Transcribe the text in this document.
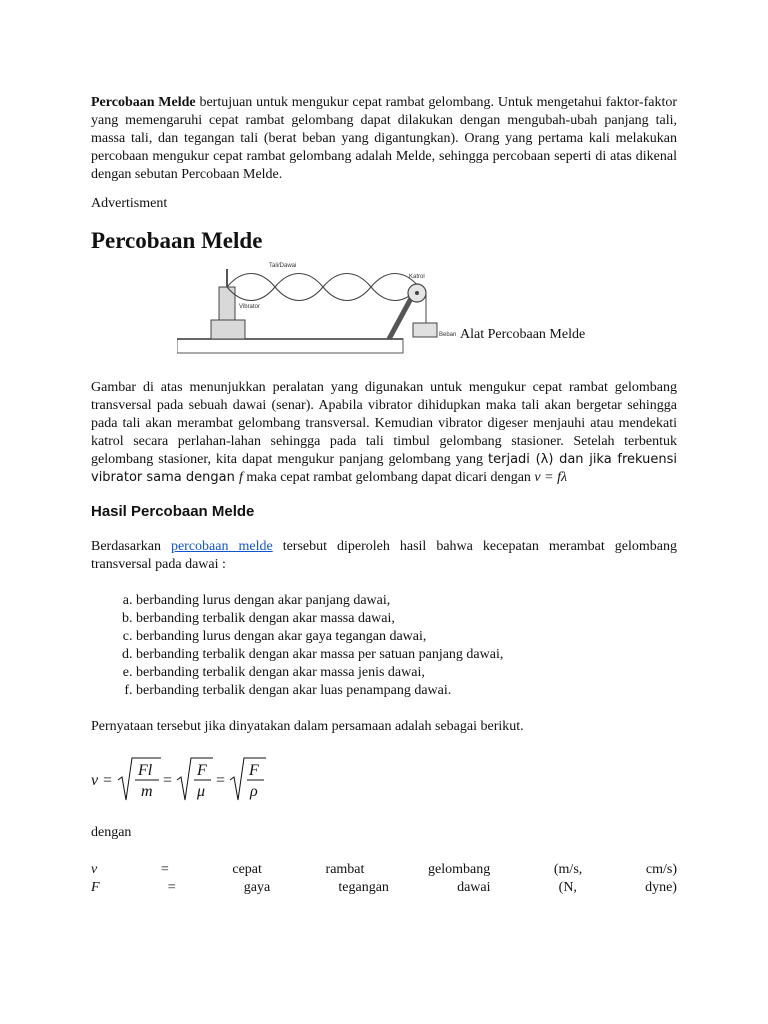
Percobaan Melde bertujuan untuk mengukur cepat rambat gelombang. Untuk mengetahui faktor-faktor yang memengaruhi cepat rambat gelombang dapat dilakukan dengan mengubah-ubah panjang tali, massa tali, dan tegangan tali (berat beban yang digantungkan). Orang yang pertama kali melakukan percobaan mengukur cepat rambat gelombang adalah Melde, sehingga percobaan seperti di atas dikenal dengan sebutan Percobaan Melde.

Advertisment

Percobaan Melde
Tali/Dawai
Katrol
Vibrator
Beban Alat Percobaan Melde

Gambar di atas menunjukkan peralatan yang digunakan untuk mengukur cepat rambat gelombang transversal pada sebuah dawai (senar). Apabila vibrator dihidupkan maka tali akan bergetar sehingga pada tali akan merambat gelombang transversal. Kemudian vibrator digeser menjauhi atau mendekati katrol secara perlahan-lahan sehingga pada tali timbul gelombang stasioner. Setelah terbentuk gelombang stasioner, kita dapat mengukur panjang gelombang yang terjadi (λ) dan jika frekuensi vibrator sama dengan f maka cepat rambat gelombang dapat dicari dengan v = fλ

Hasil Percobaan Melde

Berdasarkan percobaan melde tersebut diperoleh hasil bahwa kecepatan merambat gelombang transversal pada dawai :

a. berbanding lurus dengan akar panjang dawai,
b. berbanding terbalik dengan akar massa dawai,
c. berbanding lurus dengan akar gaya tegangan dawai,
d. berbanding terbalik dengan akar massa per satuan panjang dawai,
e. berbanding terbalik dengan akar massa jenis dawai,
f. berbanding terbalik dengan akar luas penampang dawai.

Pernyataan tersebut jika dinyatakan dalam persamaan adalah sebagai berikut.

v =
Fl
m
=
F
μ
=
F
ρ

dengan

v	=	cepat	rambat	gelombang	(m/s,	cm/s)
F	=	gaya	tegangan	dawai	(N,	dyne)
